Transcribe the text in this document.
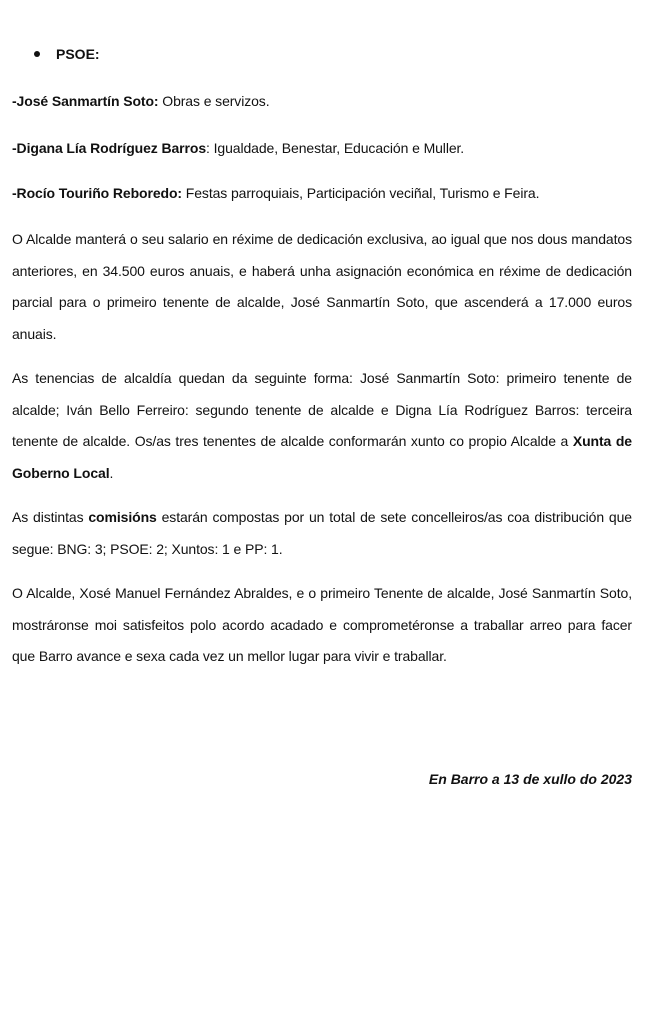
PSOE:
-José Sanmartín Soto: Obras e servizos.
-Digana Lía Rodríguez Barros: Igualdade, Benestar, Educación e Muller.
-Rocío Touriño Reboredo: Festas parroquiais, Participación veciñal, Turismo e Feira.
O Alcalde manterá o seu salario en réxime de dedicación exclusiva, ao igual que nos dous mandatos anteriores, en 34.500 euros anuais, e haberá unha asignación económica en réxime de dedicación parcial para o primeiro tenente de alcalde, José Sanmartín Soto, que ascenderá a 17.000 euros anuais.
As tenencias de alcaldía quedan da seguinte forma: José Sanmartín Soto: primeiro tenente de alcalde; Iván Bello Ferreiro: segundo tenente de alcalde e Digna Lía Rodríguez Barros: terceira tenente de alcalde. Os/as tres tenentes de alcalde conformarán xunto co propio Alcalde a Xunta de Goberno Local.
As distintas comisións estarán compostas por un total de sete concelleiros/as coa distribución que segue: BNG: 3; PSOE: 2; Xuntos: 1 e PP: 1.
O Alcalde, Xosé Manuel Fernández Abraldes, e o primeiro Tenente de alcalde, José Sanmartín Soto, mostráronse moi satisfeitos polo acordo acadado e comprometéronse a traballar arreo para facer que Barro avance e sexa cada vez un mellor lugar para vivir e traballar.
En Barro a 13 de xullo do 2023
